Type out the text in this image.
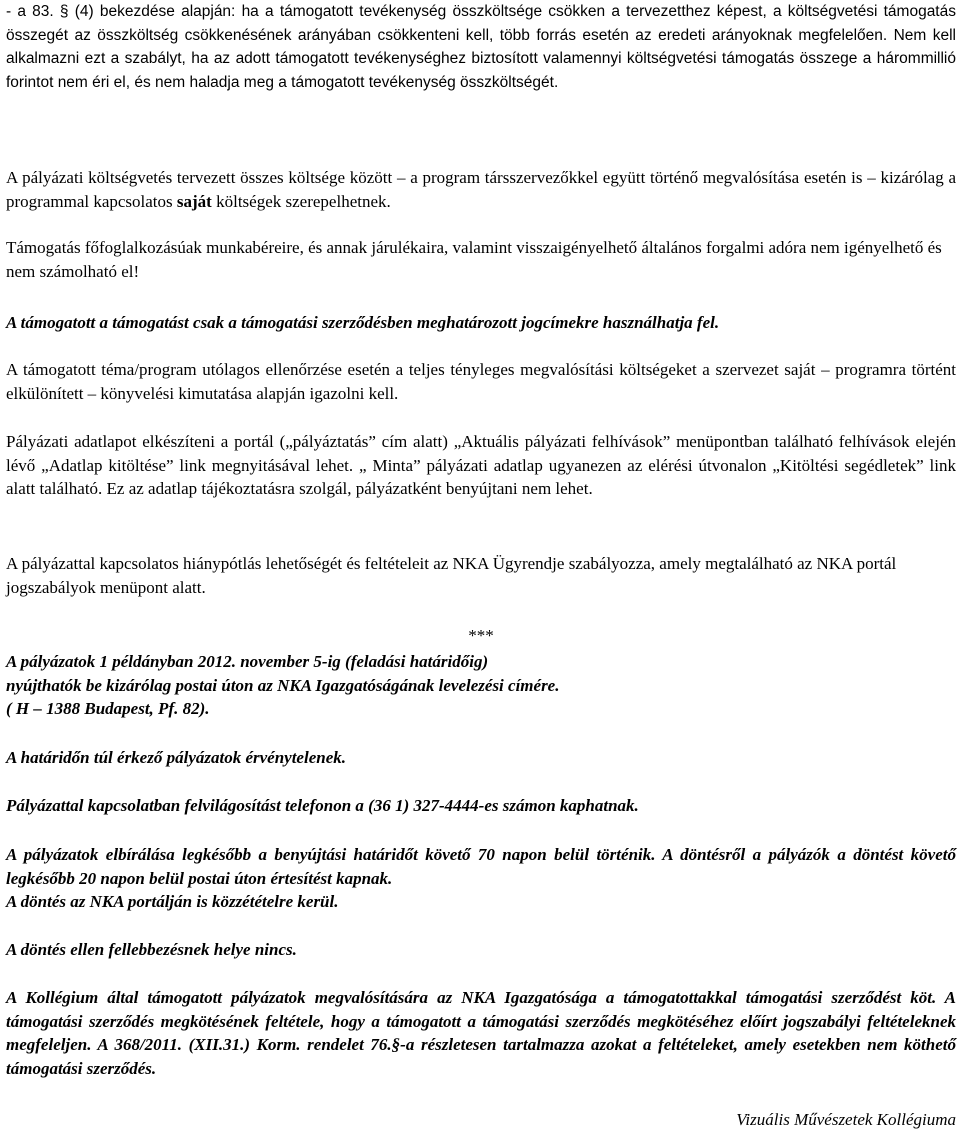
- a 83. § (4) bekezdése alapján: ha a támogatott tevékenység összköltsége csökken a tervezetthez képest, a költségvetési támogatás összegét az összköltség csökkenésének arányában csökkenteni kell, több forrás esetén az eredeti arányoknak megfelelően. Nem kell alkalmazni ezt a szabályt, ha az adott támogatott tevékenységhez biztosított valamennyi költségvetési támogatás összege a hárommillió forintot nem éri el, és nem haladja meg a támogatott tevékenység összköltségét.

A pályázati költségvetés tervezett összes költsége között – a program társszervezőkkel együtt történő megvalósítása esetén is – kizárólag a programmal kapcsolatos saját költségek szerepelhetnek.

Támogatás főfoglalkozásúak munkabéreire, és annak járulékaira, valamint visszaigényelhető általános forgalmi adóra nem igényelhető és nem számolható el!

A támogatott a támogatást csak a támogatási szerződésben meghatározott jogcímekre használhatja fel.

A támogatott téma/program utólagos ellenőrzése esetén a teljes tényleges megvalósítási költségeket a szervezet saját – programra történt elkülönített – könyvelési kimutatása alapján igazolni kell.

Pályázati adatlapot elkészíteni a portál („pályáztatás” cím alatt) „Aktuális pályázati felhívások” menüpontban található felhívások elején lévő „Adatlap kitöltése” link megnyitásával lehet. „ Minta” pályázati adatlap ugyanezen az elérési útvonalon „Kitöltési segédletek” link alatt található. Ez az adatlap tájékoztatásra szolgál, pályázatként benyújtani nem lehet.

A pályázattal kapcsolatos hiánypótlás lehetőségét és feltételeit az NKA Ügyrendje szabályozza, amely megtalálható az NKA portál jogszabályok menüpont alatt.

***

A pályázatok 1 példányban 2012. november 5-ig (feladási határidőig)

nyújthatók be kizárólag postai úton az NKA Igazgatóságának levelezési címére.

( H – 1388 Budapest, Pf. 82).

A határidőn túl érkező pályázatok érvénytelenek.

Pályázattal kapcsolatban felvilágosítást telefonon a (36 1) 327-4444-es számon kaphatnak.

A pályázatok elbírálása legkésőbb a benyújtási határidőt követő 70 napon belül történik. A döntésről a pályázók a döntést követő legkésőbb 20 napon belül postai úton értesítést kapnak.

A döntés az NKA portálján is közzétételre kerül.

A döntés ellen fellebbezésnek helye nincs.

A Kollégium által támogatott pályázatok megvalósítására az NKA Igazgatósága a támogatottakkal támogatási szerződést köt. A támogatási szerződés megkötésének feltétele, hogy a támogatott a támogatási szerződés megkötéséhez előírt jogszabályi feltételeknek megfeleljen. A 368/2011. (XII.31.) Korm. rendelet 76.§-a részletesen tartalmazza azokat a feltételeket, amely esetekben nem köthető támogatási szerződés.

Vizuális Művészetek Kollégiuma
